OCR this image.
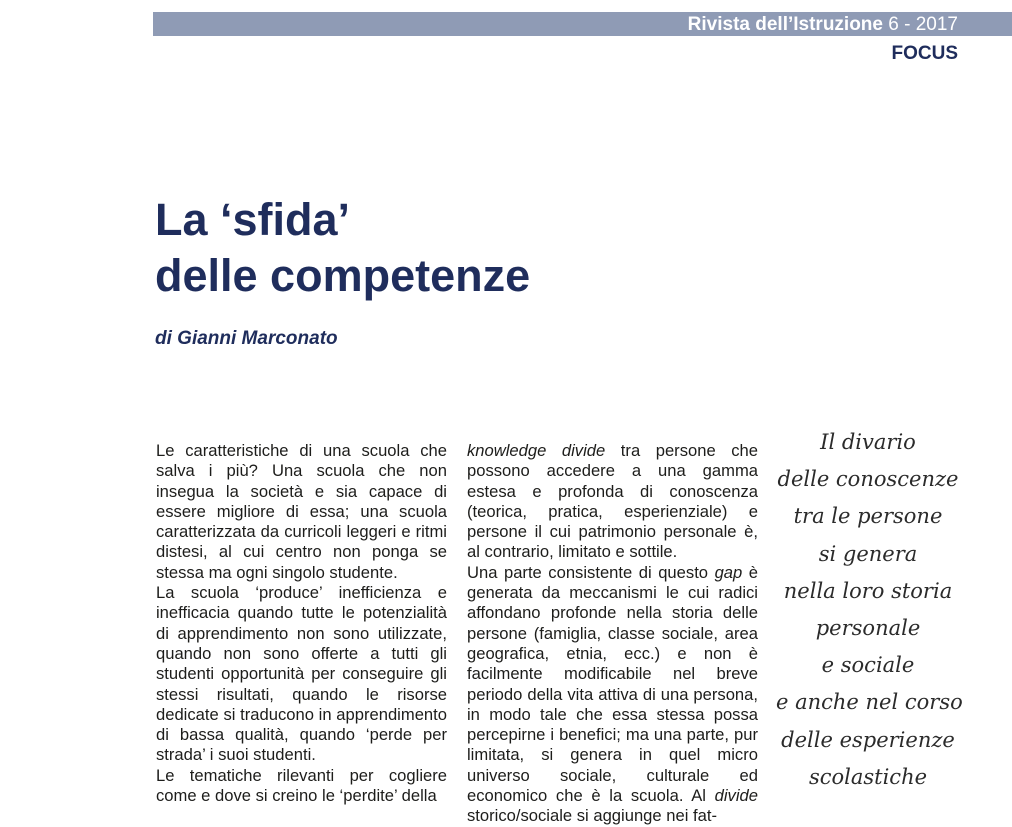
Rivista dell’Istruzione 6 - 2017
FOCUS
La ‘sfida’
delle competenze
di Gianni Marconato

Le caratteristiche di una scuola che salva i più? Una scuola che non insegua la società e sia capace di essere migliore di essa; una scuola caratterizzata da curricoli leggeri e ritmi distesi, al cui centro non ponga se stessa ma ogni singolo studente.

La scuola ‘produce’ inefficienza e inefficacia quando tutte le potenzialità di apprendimento non sono utilizzate, quando non sono offerte a tutti gli studenti opportunità per conseguire gli stessi risultati, quando le risorse dedicate si traducono in apprendimento di bassa qualità, quando ‘perde per strada’ i suoi studenti.

Le tematiche rilevanti per cogliere come e dove si creino le ‘perdite’ della

knowledge divide tra persone che possono accedere a una gamma estesa e profonda di conoscenza (teorica, pratica, esperienziale) e persone il cui patrimonio personale è, al contrario, limitato e sottile.

Una parte consistente di questo gap è generata da meccanismi le cui radici affondano profonde nella storia delle persone (famiglia, classe sociale, area geografica, etnia, ecc.) e non è facilmente modificabile nel breve periodo della vita attiva di una persona, in modo tale che essa stessa possa percepirne i benefici; ma una parte, pur limitata, si genera in quel micro universo sociale, culturale ed economico che è la scuola. Al divide storico/sociale si aggiunge nei fat-

Il divario
delle conoscenze
tra le persone
si genera
nella loro storia
personale
e sociale
e anche nel corso
delle esperienze
scolastiche
